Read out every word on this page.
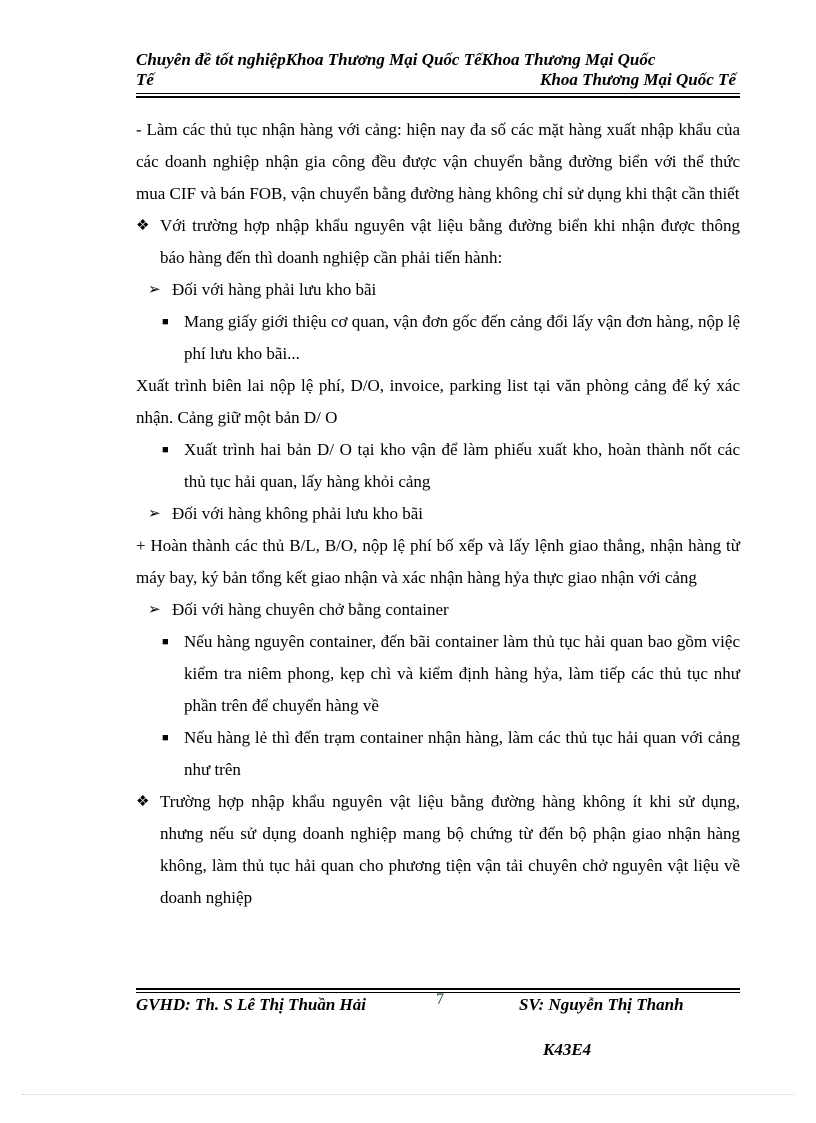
Chuyên đề tốt nghiệpKhoa Thương Mại Quốc TếKhoa Thương Mại Quốc
Tế	Khoa Thương Mại Quốc Tế

- Làm các thủ tục nhận hàng với cảng: hiện nay đa số các mặt hàng xuất nhập khẩu của các doanh nghiệp nhận gia công đều được vận chuyển bằng đường biển với thể thức mua CIF và bán FOB, vận chuyển bằng đường hàng không chỉ sử dụng khi thật cần thiết

❖ Với trường hợp nhập khẩu nguyên vật liệu bằng đường biển khi nhận được thông báo hàng đến thì doanh nghiệp cần phải tiến hành:
➢ Đối với hàng phải lưu kho bãi
■ Mang giấy giới thiệu cơ quan, vận đơn gốc đến cảng đổi lấy vận đơn hàng, nộp lệ phí lưu kho bãi...

Xuất trình biên lai nộp lệ phí, D/O, invoice, parking list tại văn phòng cảng để ký xác nhận. Cảng giữ một bản D/ O

■ Xuất trình hai bản D/ O tại kho vận để làm phiếu xuất kho, hoàn thành nốt các thủ tục hải quan, lấy hàng khỏi cảng
➢ Đối với hàng không phải lưu kho bãi

+ Hoàn thành các thủ B/L, B/O, nộp lệ phí bố xếp và lấy lệnh giao thẳng, nhận hàng từ máy bay, ký bản tổng kết giao nhận và xác nhận hàng hỷa thực giao nhận với cảng

➢ Đối với hàng chuyên chở bằng container
■ Nếu hàng nguyên container, đến bãi container làm thủ tục hải quan bao gồm việc kiểm tra niêm phong, kẹp chì và kiểm định hàng hỷa, làm tiếp các thủ tục như phần trên để chuyển hàng về
■ Nếu hàng lẻ thì đến trạm container nhận hàng, làm các thủ tục hải quan với cảng như trên
❖ Trường hợp nhập khẩu nguyên vật liệu bằng đường hàng không ít khi sử dụng, nhưng nếu sử dụng doanh nghiệp mang bộ chứng từ đến bộ phận giao nhận hàng không, làm thủ tục hải quan cho phương tiện vận tải chuyên chở nguyên vật liệu về doanh nghiệp
GVHD: Th. S Lê Thị Thuần Hải	7	SV: Nguyễn Thị Thanh
K43E4
